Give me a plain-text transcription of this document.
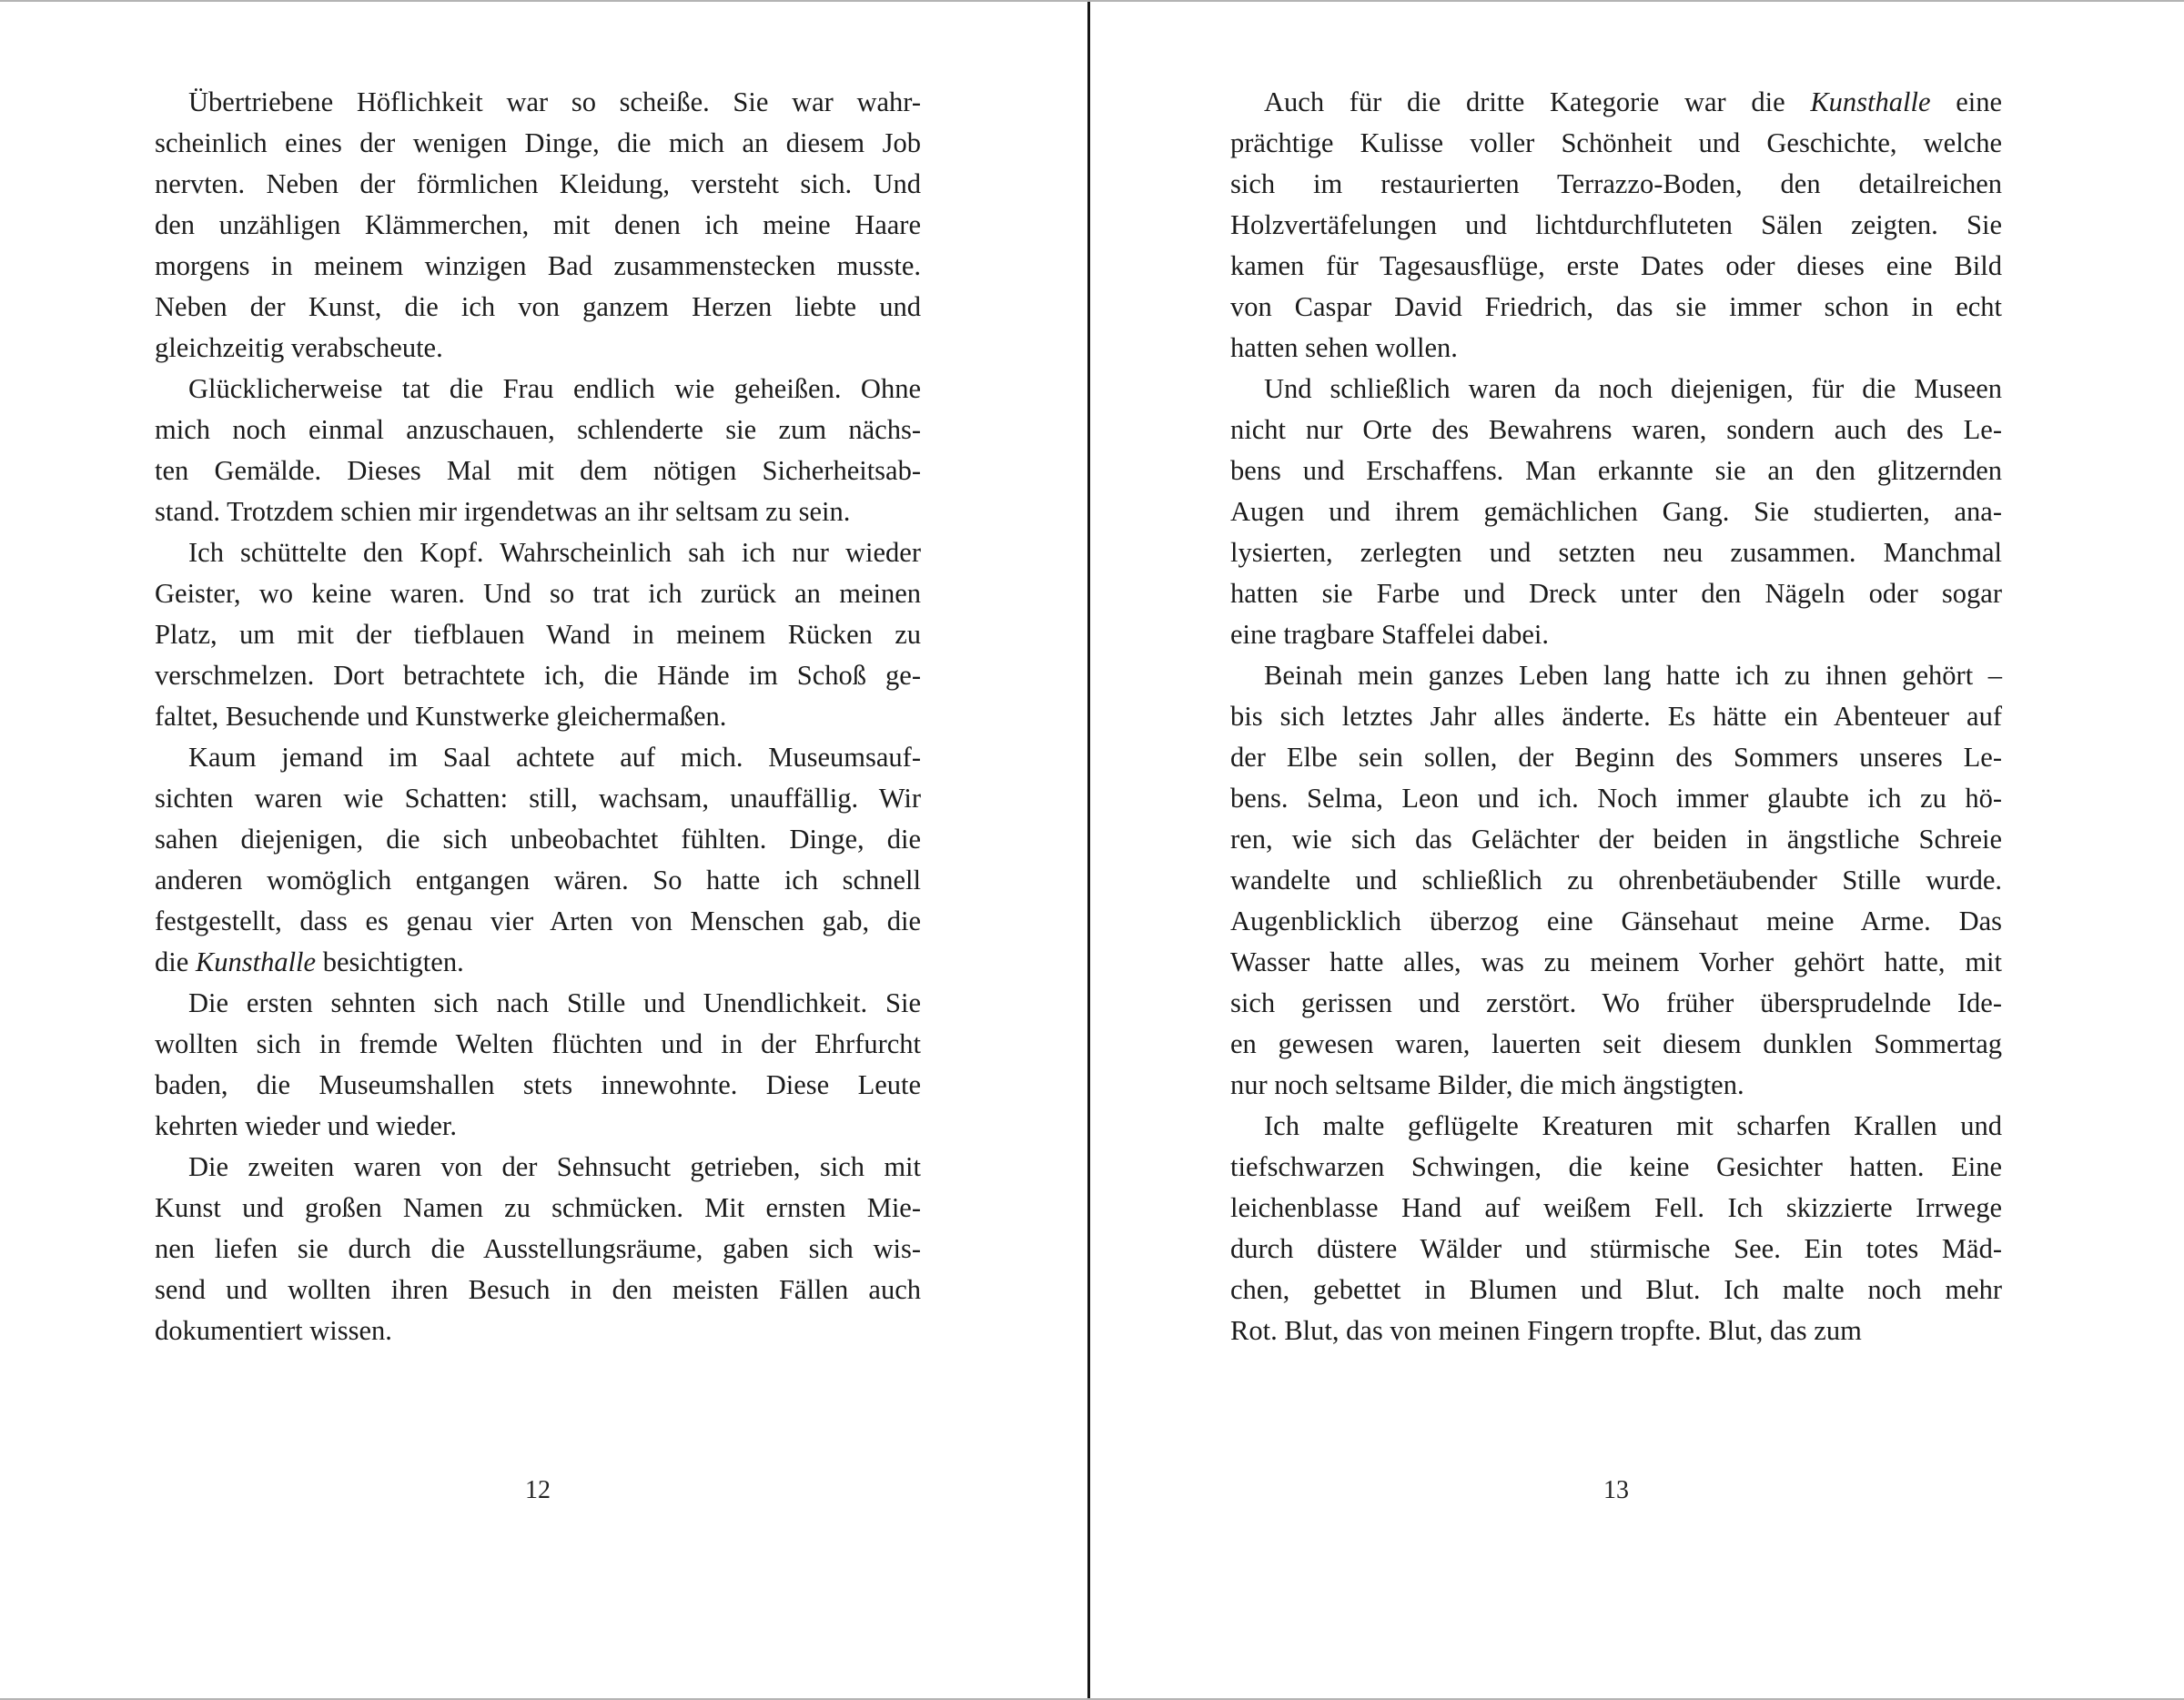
Übertriebene Höflichkeit war so scheiße. Sie war wahr-
scheinlich eines der wenigen Dinge, die mich an diesem Job
nervten. Neben der förmlichen Kleidung, versteht sich. Und
den unzähligen Klämmerchen, mit denen ich meine Haare
morgens in meinem winzigen Bad zusammenstecken musste.
Neben der Kunst, die ich von ganzem Herzen liebte und
gleichzeitig verabscheute.

Glücklicherweise tat die Frau endlich wie geheißen. Ohne
mich noch einmal anzuschauen, schlenderte sie zum nächs-
ten Gemälde. Dieses Mal mit dem nötigen Sicherheitsab-
stand. Trotzdem schien mir irgendetwas an ihr seltsam zu sein.

Ich schüttelte den Kopf. Wahrscheinlich sah ich nur wieder
Geister, wo keine waren. Und so trat ich zurück an meinen
Platz, um mit der tiefblauen Wand in meinem Rücken zu
verschmelzen. Dort betrachtete ich, die Hände im Schoß ge-
faltet, Besuchende und Kunstwerke gleichermaßen.

Kaum jemand im Saal achtete auf mich. Museumsauf-
sichten waren wie Schatten: still, wachsam, unauffällig. Wir
sahen diejenigen, die sich unbeobachtet fühlten. Dinge, die
anderen womöglich entgangen wären. So hatte ich schnell
festgestellt, dass es genau vier Arten von Menschen gab, die
die Kunsthalle besichtigten.

Die ersten sehnten sich nach Stille und Unendlichkeit. Sie
wollten sich in fremde Welten flüchten und in der Ehrfurcht
baden, die Museumshallen stets innewohnte. Diese Leute
kehrten wieder und wieder.

Die zweiten waren von der Sehnsucht getrieben, sich mit
Kunst und großen Namen zu schmücken. Mit ernsten Mie-
nen liefen sie durch die Ausstellungsräume, gaben sich wis-
send und wollten ihren Besuch in den meisten Fällen auch
dokumentiert wissen.

12

Auch für die dritte Kategorie war die Kunsthalle eine
prächtige Kulisse voller Schönheit und Geschichte, welche
sich im restaurierten Terrazzo-Boden, den detailreichen
Holzvertäfelungen und lichtdurchfluteten Sälen zeigten. Sie
kamen für Tagesausflüge, erste Dates oder dieses eine Bild
von Caspar David Friedrich, das sie immer schon in echt
hatten sehen wollen.

Und schließlich waren da noch diejenigen, für die Museen
nicht nur Orte des Bewahrens waren, sondern auch des Le-
bens und Erschaffens. Man erkannte sie an den glitzernden
Augen und ihrem gemächlichen Gang. Sie studierten, ana-
lysierten, zerlegten und setzten neu zusammen. Manchmal
hatten sie Farbe und Dreck unter den Nägeln oder sogar
eine tragbare Staffelei dabei.

Beinah mein ganzes Leben lang hatte ich zu ihnen gehört –
bis sich letztes Jahr alles änderte. Es hätte ein Abenteuer auf
der Elbe sein sollen, der Beginn des Sommers unseres Le-
bens. Selma, Leon und ich. Noch immer glaubte ich zu hö-
ren, wie sich das Gelächter der beiden in ängstliche Schreie
wandelte und schließlich zu ohrenbetäubender Stille wurde.
Augenblicklich überzog eine Gänsehaut meine Arme. Das
Wasser hatte alles, was zu meinem Vorher gehört hatte, mit
sich gerissen und zerstört. Wo früher übersprudelnde Ide-
en gewesen waren, lauerten seit diesem dunklen Sommertag
nur noch seltsame Bilder, die mich ängstigten.

Ich malte geflügelte Kreaturen mit scharfen Krallen und
tiefschwarzen Schwingen, die keine Gesichter hatten. Eine
leichenblasse Hand auf weißem Fell. Ich skizzierte Irrwege
durch düstere Wälder und stürmische See. Ein totes Mäd-
chen, gebettet in Blumen und Blut. Ich malte noch mehr
Rot. Blut, das von meinen Fingern tropfte. Blut, das zum

13
